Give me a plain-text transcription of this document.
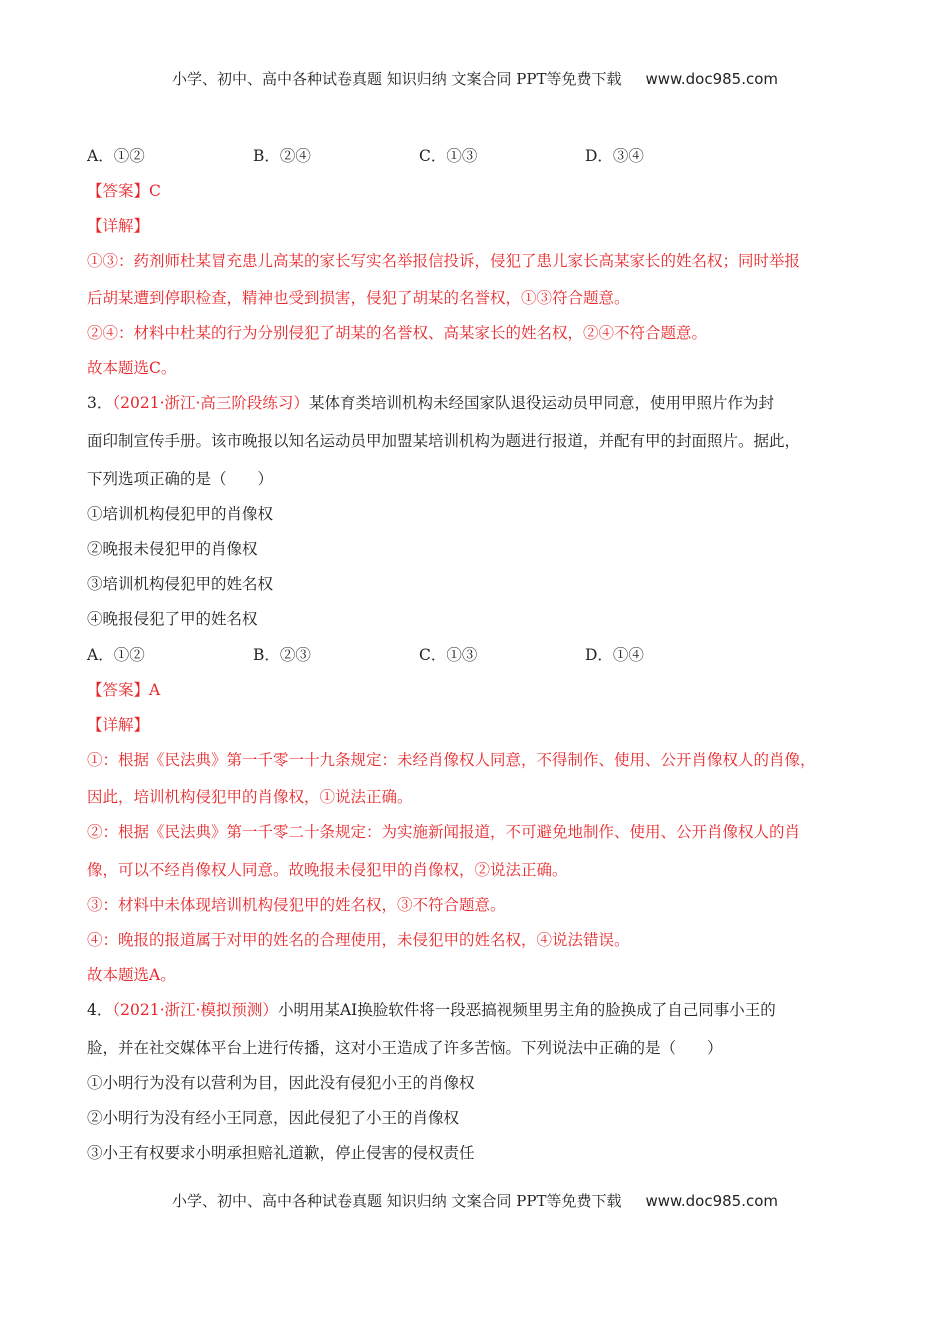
小学、初中、高中各种试卷真题 知识归纳 文案合同 PPT等免费下载 www.doc985.com
A．①②	B．②④	C．①③	D．③④
【答案】C
【详解】
①③：药剂师杜某冒充患儿高某的家长写实名举报信投诉，侵犯了患儿家长高某家长的姓名权；同时举报
后胡某遭到停职检查，精神也受到损害，侵犯了胡某的名誉权，①③符合题意。
②④：材料中杜某的行为分别侵犯了胡某的名誉权、高某家长的姓名权，②④不符合题意。
故本题选C。
3．（2021·浙江·高三阶段练习）某体育类培训机构未经国家队退役运动员甲同意，使用甲照片作为封
面印制宣传手册。该市晚报以知名运动员甲加盟某培训机构为题进行报道，并配有甲的封面照片。据此，
下列选项正确的是（　　）
①培训机构侵犯甲的肖像权
②晚报未侵犯甲的肖像权
③培训机构侵犯甲的姓名权
④晚报侵犯了甲的姓名权
A．①②	B．②③	C．①③	D．①④
【答案】A
【详解】
①：根据《民法典》第一千零一十九条规定：未经肖像权人同意，不得制作、使用、公开肖像权人的肖像，
因此，培训机构侵犯甲的肖像权，①说法正确。
②：根据《民法典》第一千零二十条规定：为实施新闻报道，不可避免地制作、使用、公开肖像权人的肖
像，可以不经肖像权人同意。故晚报未侵犯甲的肖像权，②说法正确。
③：材料中未体现培训机构侵犯甲的姓名权，③不符合题意。
④：晚报的报道属于对甲的姓名的合理使用，未侵犯甲的姓名权，④说法错误。
故本题选A。
4．（2021·浙江·模拟预测）小明用某AI换脸软件将一段恶搞视频里男主角的脸换成了自己同事小王的
脸，并在社交媒体平台上进行传播，这对小王造成了许多苦恼。下列说法中正确的是（　　）
①小明行为没有以营利为目，因此没有侵犯小王的肖像权
②小明行为没有经小王同意，因此侵犯了小王的肖像权
③小王有权要求小明承担赔礼道歉，停止侵害的侵权责任
小学、初中、高中各种试卷真题 知识归纳 文案合同 PPT等免费下载 www.doc985.com
